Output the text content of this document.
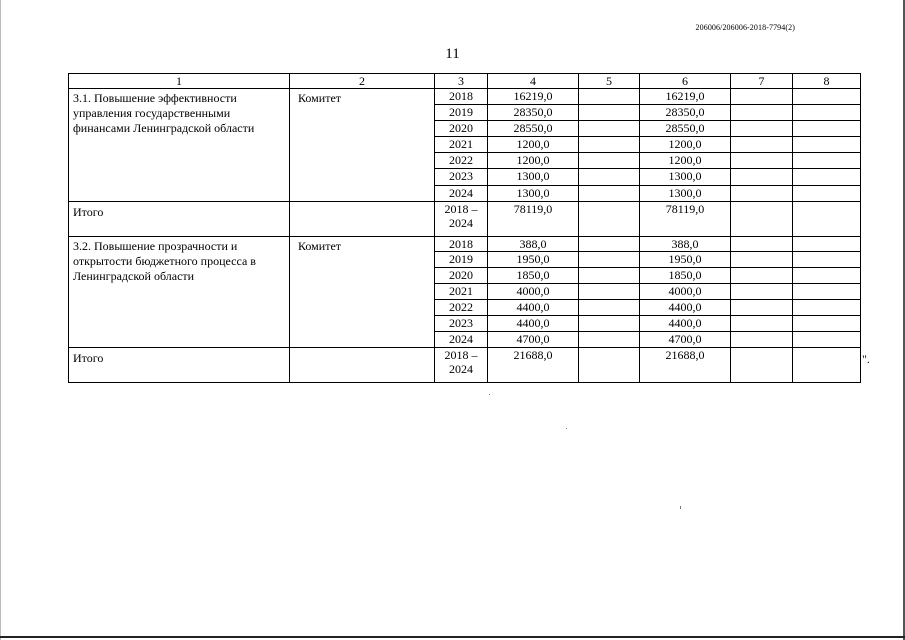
206006/206006-2018-7794(2)
11
1	2	3	4	5	6	7	8
3.1. Повышение эффективности управления государственными финансами Ленинградской области	Комитет	2018	16219,0		16219,0		
		2019	28350,0		28350,0		
		2020	28550,0		28550,0		
		2021	1200,0		1200,0		
		2022	1200,0		1200,0		
		2023	1300,0		1300,0		
		2024	1300,0		1300,0		
Итого		2018 – 2024	78119,0		78119,0		
3.2. Повышение прозрачности и открытости бюджетного процесса в Ленинградской области	Комитет	2018	388,0		388,0		
		2019	1950,0		1950,0		
		2020	1850,0		1850,0		
		2021	4000,0		4000,0		
		2022	4400,0		4400,0		
		2023	4400,0		4400,0		
		2024	4700,0		4700,0		
Итого		2018 – 2024	21688,0		21688,0			".
